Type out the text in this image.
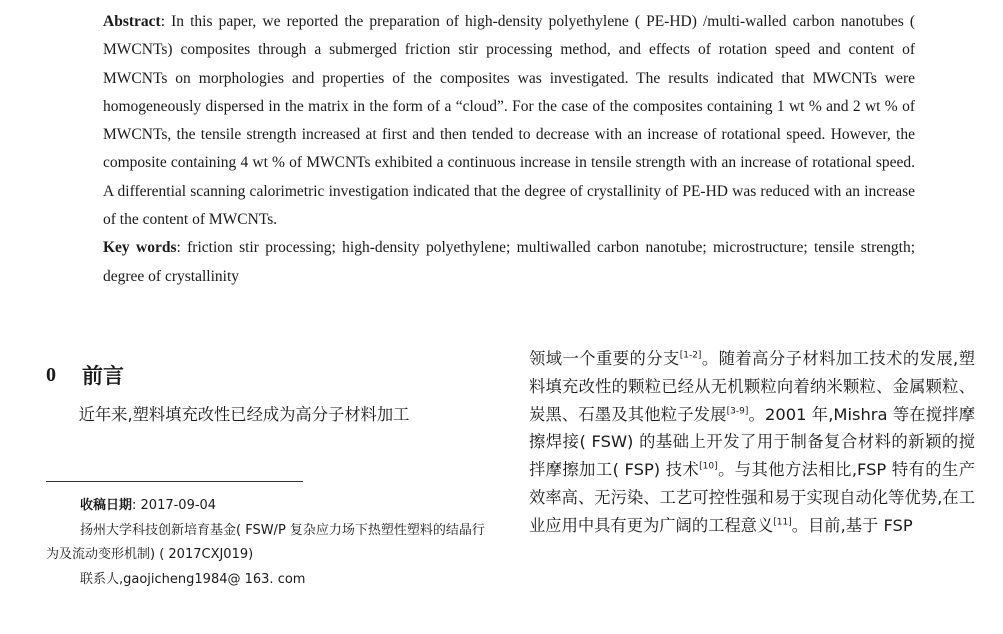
Abstract: In this paper, we reported the preparation of high-density polyethylene ( PE-HD) /multi-walled carbon nanotubes ( MWCNTs) composites through a submerged friction stir processing method, and effects of rotation speed and content of MWCNTs on morphologies and properties of the composites was investigated. The results indicated that MWCNTs were homogeneously dispersed in the matrix in the form of a “cloud”. For the case of the composites containing 1 wt % and 2 wt % of MWCNTs, the tensile strength increased at first and then tended to decrease with an increase of rotational speed. However, the composite containing 4 wt % of MWCNTs exhibited a continuous increase in tensile strength with an increase of rotational speed. A differential scanning calorimetric investigation indicated that the degree of crystallinity of PE-HD was reduced with an increase of the content of MWCNTs.

Key words: friction stir processing; high-density polyethylene; multiwalled carbon nanotube; microstructure; tensile strength; degree of crystallinity

0	前言

近年来,塑料填充改性已经成为高分子材料加工

收稿日期: 2017-09-04

扬州大学科技创新培育基金( FSW/P 复杂应力场下热塑性塑料的结晶行为及流动变形机制) ( 2017CXJ019)

联系人,gaojicheng1984@ 163. com

领域一个重要的分支[1-2]。随着高分子材料加工技术的发展,塑料填充改性的颗粒已经从无机颗粒向着纳米颗粒、金属颗粒、炭黑、石墨及其他粒子发展[3-9]。2001 年,Mishra 等在搅拌摩擦焊接( FSW) 的基础上开发了用于制备复合材料的新颖的搅拌摩擦加工( FSP) 技术[10]。与其他方法相比,FSP 特有的生产效率高、无污染、工艺可控性强和易于实现自动化等优势,在工业应用中具有更为广阔的工程意义[11]。目前,基于 FSP
